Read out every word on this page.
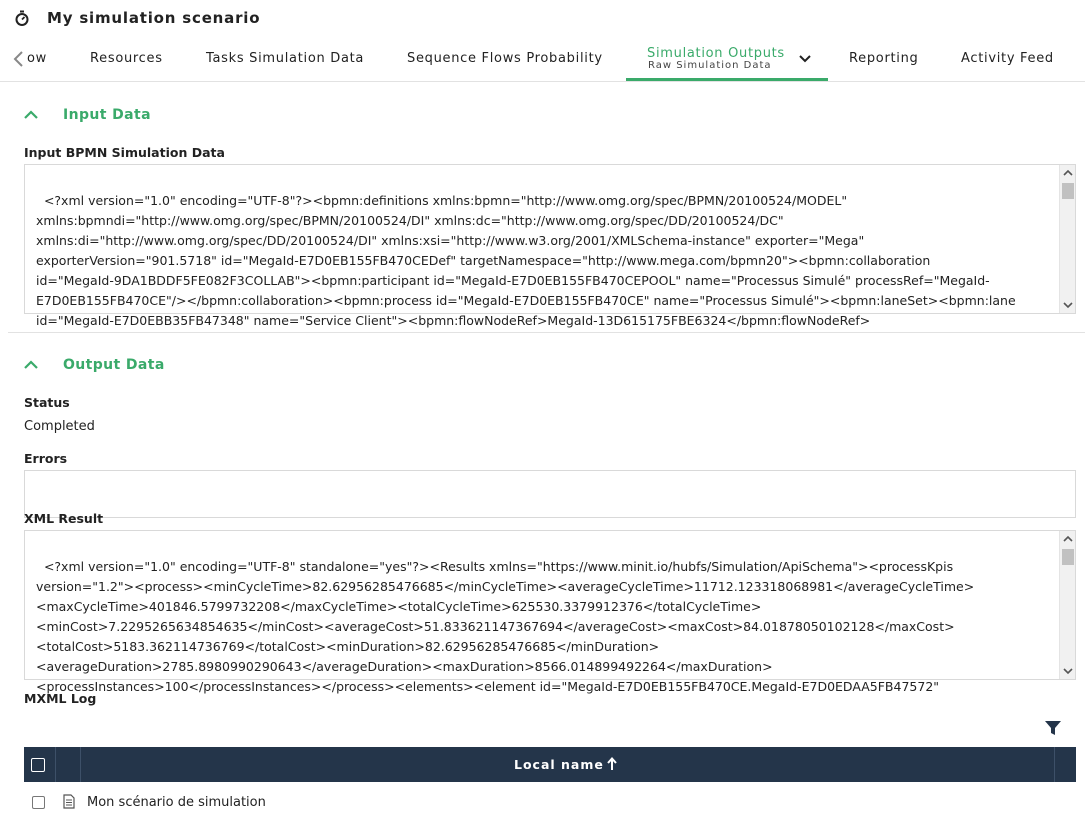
My simulation scenario
ow	Resources	Tasks Simulation Data	Sequence Flows Probability	Simulation Outputs
Raw Simulation Data	Reporting	Activity Feed
Input Data
Input BPMN Simulation Data

<?xml version="1.0" encoding="UTF-8"?><bpmn:definitions xmlns:bpmn="http://www.omg.org/spec/BPMN/20100524/MODEL"
xmlns:bpmndi="http://www.omg.org/spec/BPMN/20100524/DI" xmlns:dc="http://www.omg.org/spec/DD/20100524/DC"
xmlns:di="http://www.omg.org/spec/DD/20100524/DI" xmlns:xsi="http://www.w3.org/2001/XMLSchema-instance" exporter="Mega"
exporterVersion="901.5718" id="MegaId-E7D0EB155FB470CEDef" targetNamespace="http://www.mega.com/bpmn20"><bpmn:collaboration
id="MegaId-9DA1BDDF5FE082F3COLLAB"><bpmn:participant id="MegaId-E7D0EB155FB470CEPOOL" name="Processus Simulé" processRef="MegaId-
E7D0EB155FB470CE"/></bpmn:collaboration><bpmn:process id="MegaId-E7D0EB155FB470CE" name="Processus Simulé"><bpmn:laneSet><bpmn:lane
id="MegaId-E7D0EBB35FB47348" name="Service Client"><bpmn:flowNodeRef>MegaId-13D615175FBE6324</bpmn:flowNodeRef>

Output Data
Status
Completed
Errors
XML Result

<?xml version="1.0" encoding="UTF-8" standalone="yes"?><Results xmlns="https://www.minit.io/hubfs/Simulation/ApiSchema"><processKpis
version="1.2"><process><minCycleTime>82.62956285476685</minCycleTime><averageCycleTime>11712.123318068981</averageCycleTime>
<maxCycleTime>401846.5799732208</maxCycleTime><totalCycleTime>625530.3379912376</totalCycleTime>
<minCost>7.2295265634854635</minCost><averageCost>51.833621147367694</averageCost><maxCost>84.01878050102128</maxCost>
<totalCost>5183.362114736769</totalCost><minDuration>82.62956285476685</minDuration>
<averageDuration>2785.8980990290643</averageDuration><maxDuration>8566.014899492264</maxDuration>
<processInstances>100</processInstances></process><elements><element id="MegaId-E7D0EB155FB470CE.MegaId-E7D0EDAA5FB47572"

MXML Log
Local name
Mon scénario de simulation
